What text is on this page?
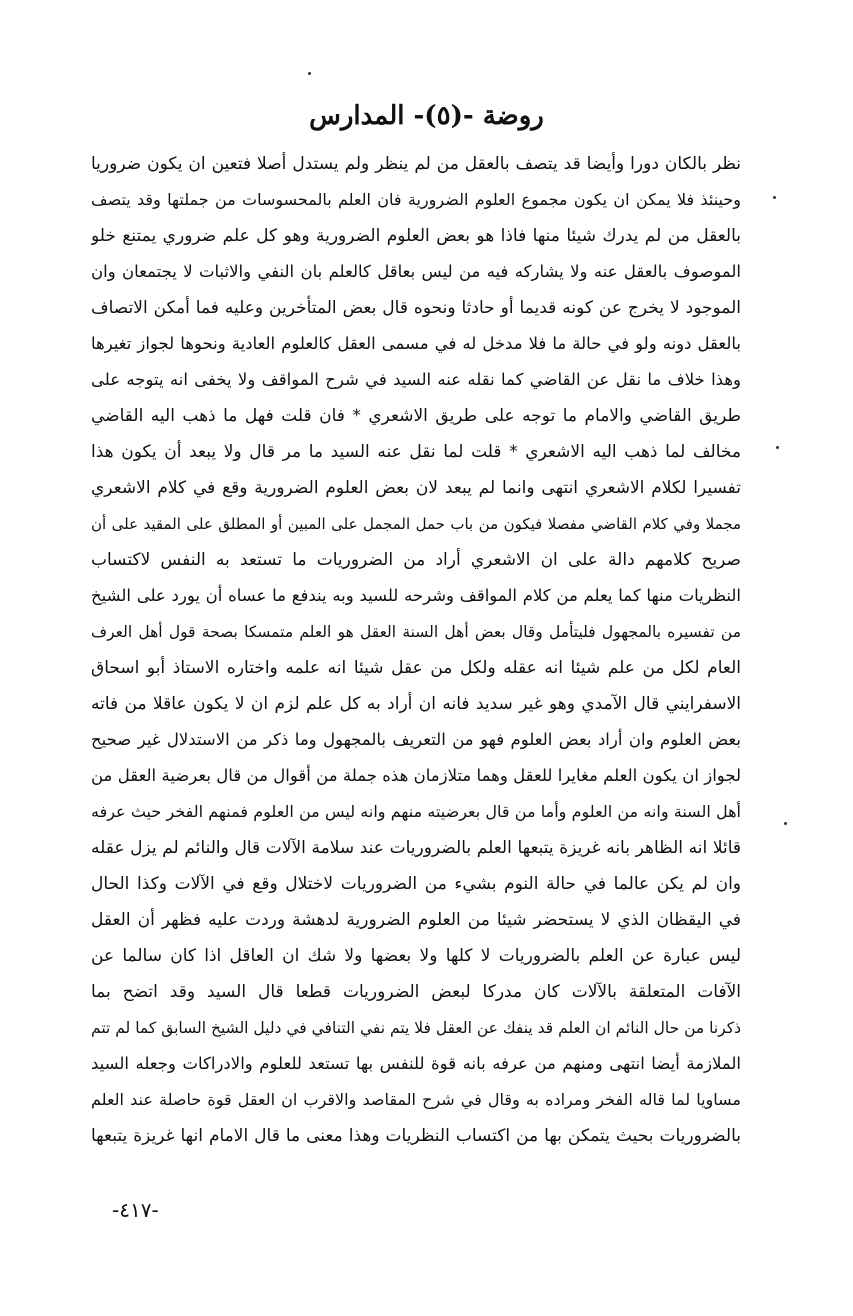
روضة -(٥)- المدارس
نظر بالكان دورا وأيضا قد يتصف بالعقل من لم ينظر ولم يستدل أصلا فتعين ان يكون ضروريا
وحينئذ فلا يمكن ان يكون مجموع العلوم الضرورية فان العلم بالمحسوسات من جملتها وقد يتصف
بالعقل من لم يدرك شيئا منها فاذا هو بعض العلوم الضرورية وهو كل علم ضروري يمتنع خلو
الموصوف بالعقل عنه ولا يشاركه فيه من ليس بعاقل كالعلم بان النفي والاثبات لا يجتمعان وان
الموجود لا يخرج عن كونه قديما أو حادثا ونحوه قال بعض المتأخرين وعليه فما أمكن الاتصاف
بالعقل دونه ولو في حالة ما فلا مدخل له في مسمى العقل كالعلوم العادية ونحوها لجواز تغيرها
وهذا خلاف ما نقل عن القاضي كما نقله عنه السيد في شرح المواقف ولا يخفى انه يتوجه على
طريق القاضي والامام ما توجه على طريق الاشعري * فان قلت فهل ما ذهب اليه القاضي
مخالف لما ذهب اليه الاشعري * قلت لما نقل عنه السيد ما مر قال ولا يبعد أن يكون هذا
تفسيرا لكلام الاشعري انتهى وانما لم يبعد لان بعض العلوم الضرورية وقع في كلام الاشعري
مجملا وفي كلام القاضي مفصلا فيكون من باب حمل المجمل على المبين أو المطلق على المقيد على أن
صريح كلامهم دالة على ان الاشعري أراد من الضروريات ما تستعد به النفس لاكتساب
النظريات منها كما يعلم من كلام المواقف وشرحه للسيد وبه يندفع ما عساه أن يورد على الشيخ
من تفسيره بالمجهول فليتأمل وقال بعض أهل السنة العقل هو العلم متمسكا بصحة قول أهل العرف
العام لكل من علم شيئا انه عقله ولكل من عقل شيئا انه علمه واختاره الاستاذ أبو اسحاق
الاسفرايني قال الآمدي وهو غير سديد فانه ان أراد به كل علم لزم ان لا يكون عاقلا من فاته
بعض العلوم وان أراد بعض العلوم فهو من التعريف بالمجهول وما ذكر من الاستدلال غير صحيح
لجواز ان يكون العلم مغايرا للعقل وهما متلازمان هذه جملة من أقوال من قال بعرضية العقل من
أهل السنة وانه من العلوم وأما من قال بعرضيته منهم وانه ليس من العلوم فمنهم الفخر حيث عرفه
قائلا انه الظاهر بانه غريزة يتبعها العلم بالضروريات عند سلامة الآلات قال والنائم لم يزل عقله
وان لم يكن عالما في حالة النوم بشيء من الضروريات لاختلال وقع في الآلات وكذا الحال
في اليقظان الذي لا يستحضر شيئا من العلوم الضرورية لدهشة وردت عليه فظهر أن العقل
ليس عبارة عن العلم بالضروريات لا كلها ولا بعضها ولا شك ان العاقل اذا كان سالما عن
الآفات المتعلقة بالآلات كان مدركا لبعض الضروريات قطعا قال السيد وقد اتضح بما
ذكرنا من حال النائم ان العلم قد ينفك عن العقل فلا يتم نفي التنافي في دليل الشيخ السابق كما لم تتم
الملازمة أيضا انتهى ومنهم من عرفه بانه قوة للنفس بها تستعد للعلوم والادراكات وجعله السيد
مساويا لما قاله الفخر ومراده به وقال في شرح المقاصد والاقرب ان العقل قوة حاصلة عند العلم
بالضروريات بحيث يتمكن بها من اكتساب النظريات وهذا معنى ما قال الامام انها غريزة يتبعها
-٤١٧-
